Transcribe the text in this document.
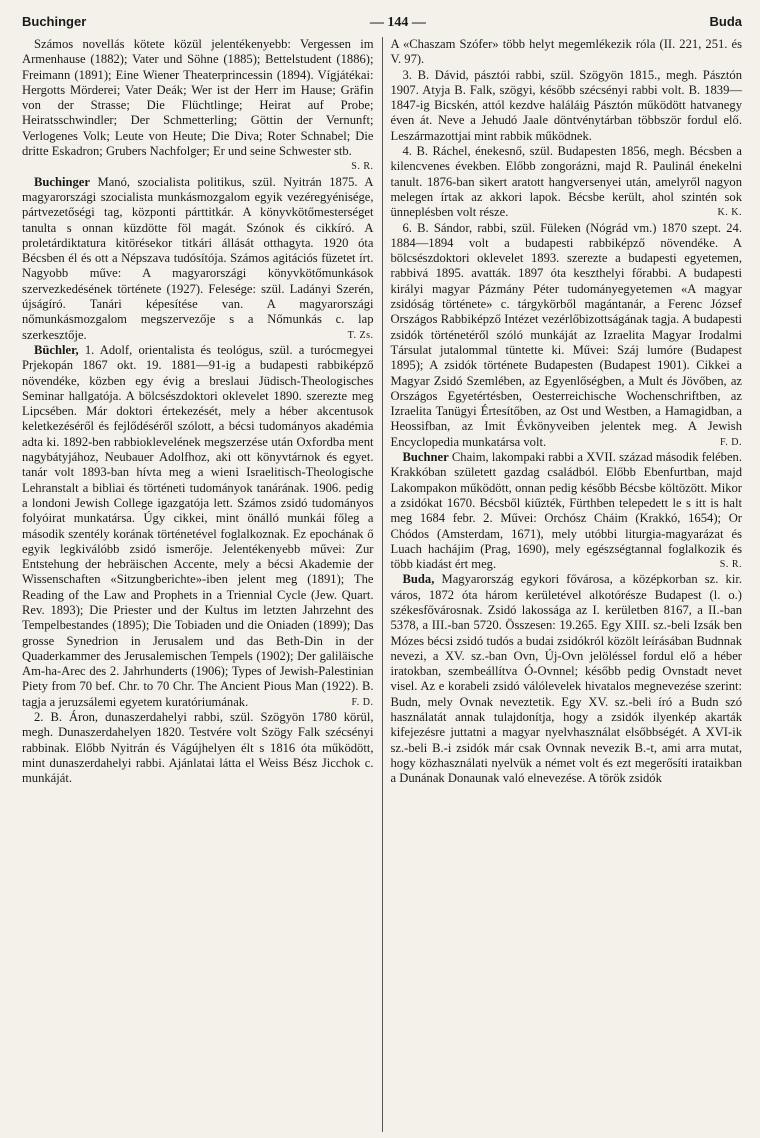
Buchinger	— 144 —	Buda

Számos novellás kötete közül jelentékenyebb: Vergessen im Armenhause (1882); Vater und Söhne (1885); Bettelstudent (1886); Freimann (1891); Eine Wiener Theaterprincessin (1894). Vígjátékai: Hergotts Mörderei; Vater Deák; Wer ist der Herr im Hause; Gräfin von der Strasse; Die Flüchtlinge; Heirat auf Probe; Heiratsschwindler; Der Schmetterling; Göttin der Vernunft; Verlogenes Volk; Leute von Heute; Die Diva; Roter Schnabel; Die dritte Eskadron; Grubers Nachfolger; Er und seine Schwester stb.
S. R.

Buchinger Manó, szocialista politikus, szül. Nyitrán 1875. A magyarországi szocialista munkásmozgalom egyik vezéregyénisége, pártvezetőségi tag, központi párttitkár. A könyvkötőmesterséget tanulta s onnan küzdötte föl magát. Szónok és cikkíró. A proletárdiktatura kitörésekor titkári állását otthagyta. 1920 óta Bécsben él és ott a Népszava tudósítója. Számos agitációs füzetet írt. Nagyobb műve: A magyarországi könyvkötőmunkások szervezkedésének története (1927). Felesége: szül. Ladányi Szerén, újságíró. Tanári képesítése van. A magyarországi nőmunkásmozgalom megszervezője s a Nőmunkás c. lap szerkesztője.	T. Zs.

Büchler, 1. Adolf, orientalista és teológus, szül. a turócmegyei Prjekopán 1867 okt. 19. 1881—91-ig a budapesti rabbiképző növendéke, közben egy évig a breslaui Jüdisch-Theologisches Seminar hallgatója. A bölcsészdoktori oklevelet 1890. szerezte meg Lipcsében. Már doktori értekezését, mely a héber akcentusok keletkezéséről és fejlődéséről szólott, a bécsi tudományos akadémia adta ki. 1892-ben rabbioklevelének megszerzése után Oxfordba ment nagybátyjához, Neubauer Adolfhoz, aki ott könyvtárnok és egyet. tanár volt 1893-ban hívta meg a wieni Israelitisch-Theologische Lehranstalt a bibliai és történeti tudományok tanárának. 1906. pedig a londoni Jewish College igazgatója lett. Számos zsidó tudományos folyóirat munkatársa. Úgy cikkei, mint önálló munkái főleg a második szentély korának történetével foglalkoznak. Ez epochának ő egyik legkiválóbb zsidó ismerője. Jelentékenyebb művei: Zur Entstehung der hebräischen Accente, mely a bécsi Akademie der Wissenschaften «Sitzungberichte»-iben jelent meg (1891); The Reading of the Law and Prophets in a Triennial Cycle (Jew. Quart. Rev. 1893); Die Priester und der Kultus im letzten Jahrzehnt des Tempelbestandes (1895); Die Tobiaden und die Oniaden (1899); Das grosse Synedrion in Jerusalem und das Beth-Din in der Quaderkammer des Jerusalemischen Tempels (1902); Der galiläische Am-ha-Arec des 2. Jahrhunderts (1906); Types of Jewish-Palestinian Piety from 70 bef. Chr. to 70 Chr. The Ancient Pious Man (1922). B. tagja a jeruzsálemi egyetem kuratóriumának.	F. D.

2. B. Áron, dunaszerdahelyi rabbi, szül. Szögyön 1780 körül, megh. Dunaszerdahelyen 1820. Testvére volt Szögy Falk szécsényi rabbinak. Előbb Nyitrán és Vágújhelyen élt s 1816 óta működött, mint dunaszerdahelyi rabbi. Ajánlatai látta el Weiss Bész Jicchok c. munkáját.

A «Chaszam Szófer» több helyt megemlékezik róla (II. 221, 251. és V. 97).

3. B. Dávid, pásztói rabbi, szül. Szögyön 1815., megh. Pásztón 1907. Atyja B. Falk, szögyi, később szécsényi rabbi volt. B. 1839—1847-ig Bicskén, attól kezdve haláláig Pásztón működött hatvanegy éven át. Neve a Jehudó Jaale döntvénytárban többször fordul elő. Leszármazottjai mint rabbik működnek.

4. B. Ráchel, énekesnő, szül. Budapesten 1856, megh. Bécsben a kilencvenes években. Előbb zongorázni, majd R. Paulinál énekelni tanult. 1876-ban sikert aratott hangversenyei után, amelyről nagyon melegen írtak az akkori lapok. Bécsbe került, ahol szintén sok ünneplésben volt része.	K. K.

6. B. Sándor, rabbi, szül. Füleken (Nógrád vm.) 1870 szept. 24. 1884—1894 volt a budapesti rabbiképző növendéke. A bölcsészdoktori oklevelet 1893. szerezte a budapesti egyetemen, rabbivá 1895. avatták. 1897 óta keszthelyi főrabbi. A budapesti királyi magyar Pázmány Péter tudományegyetemen «A magyar zsidóság története» c. tárgykörből magántanár, a Ferenc József Országos Rabbiképző Intézet vezérlőbizottságának tagja. A budapesti zsidók történetéről szóló munkáját az Izraelita Magyar Irodalmi Társulat jutalommal tüntette ki. Művei: Száj lumóre (Budapest 1895); A zsidók története Budapesten (Budapest 1901). Cikkei a Magyar Zsidó Szemlében, az Egyenlőségben, a Mult és Jövőben, az Országos Egyetértésben, Oesterreichische Wochenschriftben, az Izraelita Tanügyi Értesítőben, az Ost und Westben, a Hamagidban, a Heossifban, az Imit Évkönyveiben jelentek meg. A Jewish Encyclopedia munkatársa volt.	F. D.

Buchner Chaim, lakompaki rabbi a XVII. század második felében. Krakkóban született gazdag családból. Előbb Ebenfurtban, majd Lakompakon működött, onnan pedig később Bécsbe költözött. Mikor a zsidókat 1670. Bécsből kiűzték, Fürthben telepedett le s itt is halt meg 1684 febr. 2. Művei: Orchósz Cháim (Krakkó, 1654); Or Chódos (Amsterdam, 1671), mely utóbbi liturgia-magyarázat és Luach hachájim (Prag, 1690), mely egészségtannal foglalkozik és több kiadást ért meg.	S. R.

Buda, Magyarország egykori fővárosa, a középkorban sz. kir. város, 1872 óta három kerületével alkotórésze Budapest (l. o.) székesfővárosnak. Zsidó lakossága az I. kerületben 8167, a II.-ban 5378, a III.-ban 5720. Összesen: 19.265. Egy XIII. sz.-beli Izsák ben Mózes bécsi zsidó tudós a budai zsidókról közölt leírásában Budnnak nevezi, a XV. sz.-ban Ovn, Új-Ovn jelöléssel fordul elő a héber iratokban, szembeállítva Ó-Ovnnel; később pedig Ovnstadt nevet visel. Az e korabeli zsidó válólevelek hivatalos megnevezése szerint: Budn, mely Ovnak neveztetik. Egy XV. sz.-beli író a Budn szó használatát annak tulajdonítja, hogy a zsidók ilyenkép akarták kifejezésre juttatni a magyar nyelvhasználat elsőbbségét. A XVI-ik sz.-beli B.-i zsidók már csak Ovnnak nevezik B.-t, ami arra mutat, hogy közhasználati nyelvük a német volt és ezt megerősíti irataikban a Dunának Donaunak való elnevezése. A török zsidók
